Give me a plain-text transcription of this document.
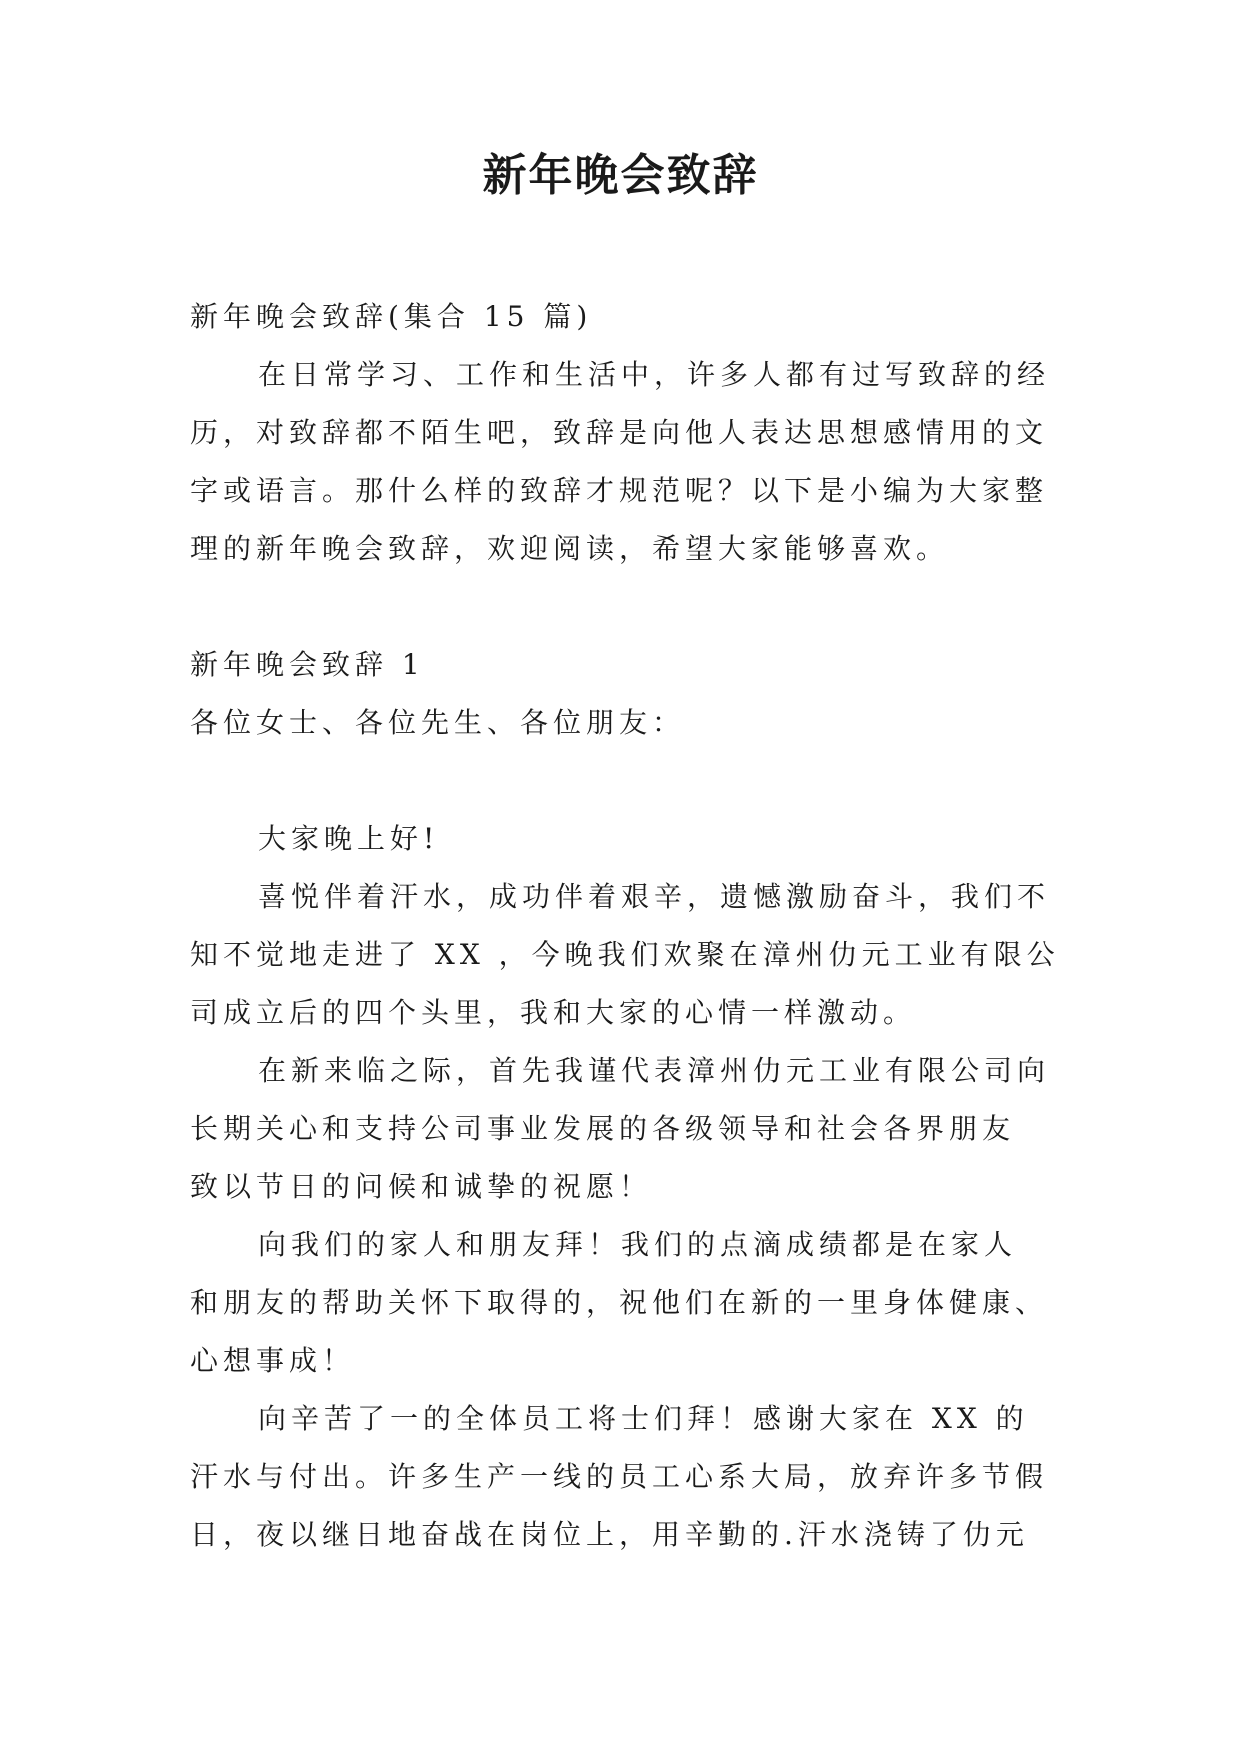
新年晚会致辞
新年晚会致辞(集合 15 篇)
在日常学习、工作和生活中，许多人都有过写致辞的经
历，对致辞都不陌生吧，致辞是向他人表达思想感情用的文
字或语言。那什么样的致辞才规范呢？以下是小编为大家整
理的新年晚会致辞，欢迎阅读，希望大家能够喜欢。
新年晚会致辞 1
各位女士、各位先生、各位朋友：
大家晚上好!
喜悦伴着汗水，成功伴着艰辛，遗憾激励奋斗，我们不
知不觉地走进了 XX ，今晚我们欢聚在漳州仂元工业有限公
司成立后的四个头里，我和大家的心情一样激动。
在新来临之际，首先我谨代表漳州仂元工业有限公司向
长期关心和支持公司事业发展的各级领导和社会各界朋友
致以节日的问候和诚挚的祝愿！
向我们的家人和朋友拜！我们的点滴成绩都是在家人
和朋友的帮助关怀下取得的，祝他们在新的一里身体健康、
心想事成！
向辛苦了一的全体员工将士们拜！感谢大家在 XX 的
汗水与付出。许多生产一线的员工心系大局，放弃许多节假
日，夜以继日地奋战在岗位上，用辛勤的.汗水浇铸了仂元
